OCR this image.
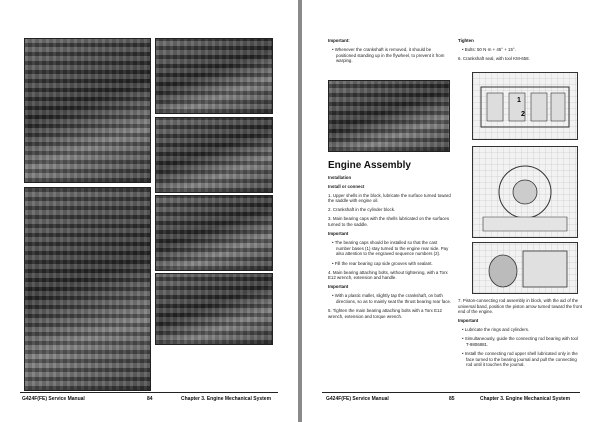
G424F(FE) Service Manual	84	Chapter 3. Engine Mechanical System

Important:

• Whenever the crankshaft is removed, it should be positioned standing up in the flywheel, to prevent it from warping.

Engine Assembly

Installation

Install or connect

1. Upper shells in the block, lubricate the surface turned toward the saddle with engine oil.

2. Crankshaft in the cylinder block.

3. Main bearing caps with the shells lubricated on the surfaces turned to the saddle.

Important

• The bearing caps should be installed so that the cast number bases (1) stay turned to the engine rear side. Pay also attention to the engraved sequence numbers (2).

• Fill the rear bearing cap side grooves with sealant.

4. Main bearing attaching bolts, without tightening, with a Torx E12 wrench, extension and handle.

Important

• With a plastic mallet, slightly tap the crankshaft, on both directions, so as to mainly seat the thrust bearing rear face.

5. Tighten the main bearing attaching bolts with a Torx E12 wrench, extension and torque wrench.

Tighten

• Bolts: 50 N·m + 45° + 15°.

6. Crankshaft seal, with tool KM-658.

1
2

7. Piston-connecting rod assembly in block, with the aid of the universal band, position the piston arrow turned toward the front end of the engine.

Important

• Lubricate the rings and cylinders.

• Simultaneously, guide the connecting rod bearing with tool T-9806881.

• Install the connecting rod upper shell lubricated only in the face turned to the bearing journal and pull the connecting rod until it touches the journal.

G424F(FE) Service Manual	85	Chapter 3. Engine Mechanical System
